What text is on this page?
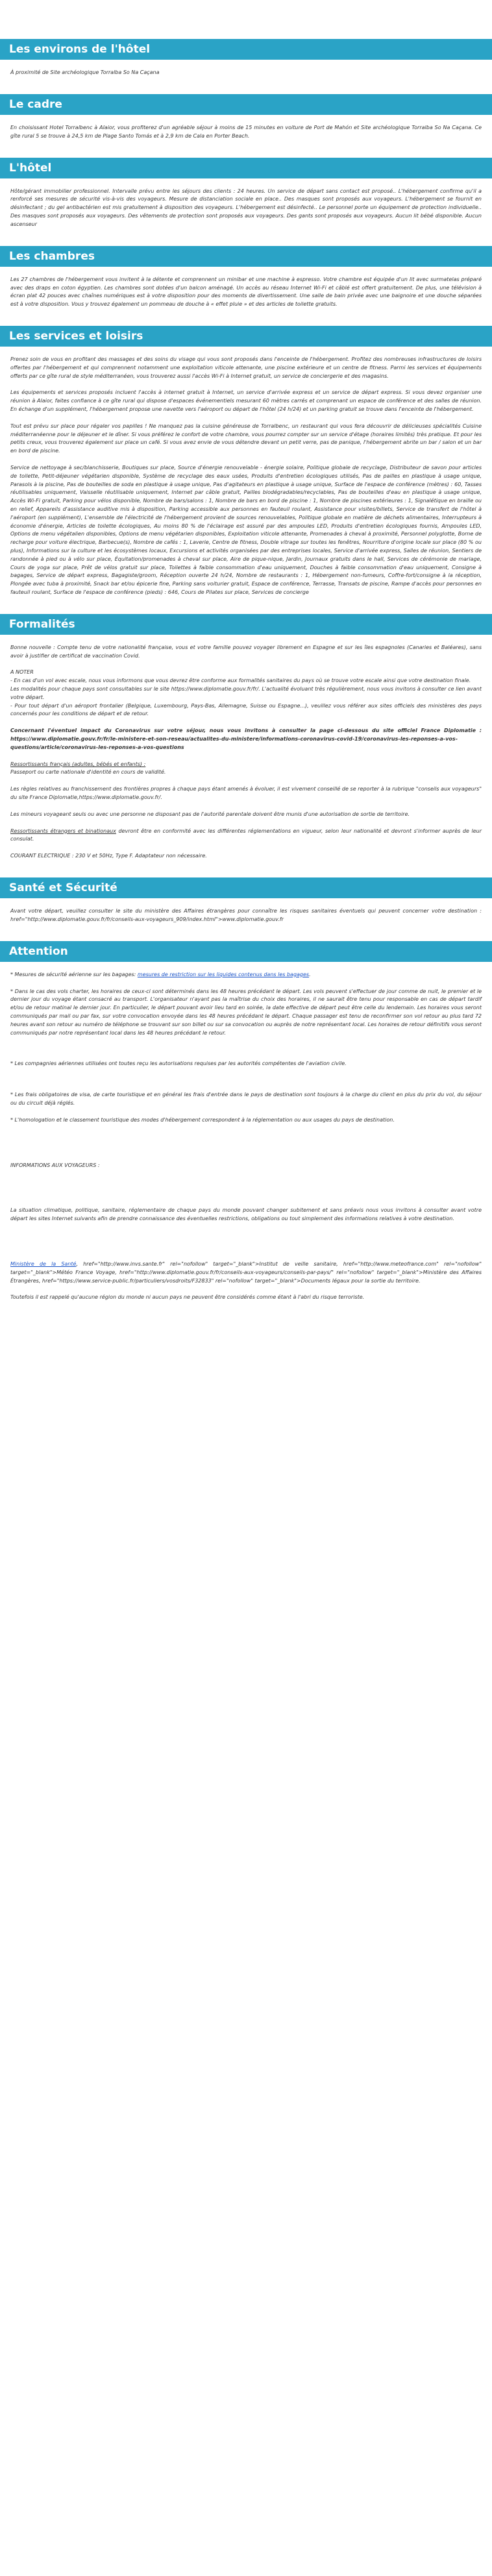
Les environs de l'hôtel

À proximité de Site archéologique Torralba So Na Caçana

Le cadre

En choisissant Hotel Torralbenc à Alaior, vous profiterez d'un agréable séjour à moins de 15 minutes en voiture de Port de Mahón et Site archéologique Torralba So Na Caçana. Ce gîte rural 5 se trouve à 24,5 km de Plage Santo Tomás et à 2,9 km de Cala en Porter Beach.

L'hôtel

Hôte/gérant immobilier professionnel. Intervalle prévu entre les séjours des clients : 24 heures. Un service de départ sans contact est proposé.. L'hébergement confirme qu'il a renforcé ses mesures de sécurité vis-à-vis des voyageurs. Mesure de distanciation sociale en place.. Des masques sont proposés aux voyageurs. L'hébergement se fournit en désinfectant ; du gel antibactérien est mis gratuitement à disposition des voyageurs. L'hébergement est désinfecté.. Le personnel porte un équipement de protection individuelle.. Des masques sont proposés aux voyageurs. Des vêtements de protection sont proposés aux voyageurs. Des gants sont proposés aux voyageurs. Aucun lit bébé disponible. Aucun ascenseur

Les chambres

Les 27 chambres de l'hébergement vous invitent à la détente et comprennent un minibar et une machine à espresso. Votre chambre est équipée d'un lit avec surmatelas préparé avec des draps en coton égyptien. Les chambres sont dotées d'un balcon aménagé. Un accès au réseau Internet Wi-Fi et câblé est offert gratuitement. De plus, une télévision à écran plat 42 pouces avec chaînes numériques est à votre disposition pour des moments de divertissement. Une salle de bain privée avec une baignoire et une douche séparées est à votre disposition. Vous y trouvez également un pommeau de douche à « effet pluie » et des articles de toilette gratuits.

Les services et loisirs

Prenez soin de vous en profitant des massages et des soins du visage qui vous sont proposés dans l'enceinte de l'hébergement. Profitez des nombreuses infrastructures de loisirs offertes par l'hébergement et qui comprennent notamment une exploitation viticole attenante, une piscine extérieure et un centre de fitness. Parmi les services et équipements offerts par ce gîte rural de style méditerranéen, vous trouverez aussi l'accès Wi-Fi à Internet gratuit, un service de conciergerie et des magasins.

Les équipements et services proposés incluent l'accès à internet gratuit à Internet, un service d'arrivée express et un service de départ express. Si vous devez organiser une réunion à Alaior, faites confiance à ce gîte rural qui dispose d'espaces événementiels mesurant 60 mètres carrés et comprenant un espace de conférence et des salles de réunion. En échange d'un supplément, l'hébergement propose une navette vers l'aéroport ou départ de l'hôtel (24 h/24) et un parking gratuit se trouve dans l'enceinte de l'hébergement.

Tout est prévu sur place pour régaler vos papilles ! Ne manquez pas la cuisine généreuse de Torralbenc, un restaurant qui vous fera découvrir de délicieuses spécialités Cuisine méditerranéenne pour le déjeuner et le dîner. Si vous préférez le confort de votre chambre, vous pourrez compter sur un service d'étage (horaires limités) très pratique. Et pour les petits creux, vous trouverez également sur place un café. Si vous avez envie de vous détendre devant un petit verre, pas de panique, l'hébergement abrite un bar / salon et un bar en bord de piscine.

Service de nettoyage à sec/blanchisserie, Boutiques sur place, Source d'énergie renouvelable - énergie solaire, Politique globale de recyclage, Distributeur de savon pour articles de toilette, Petit-déjeuner végétarien disponible, Système de recyclage des eaux usées, Produits d'entretien écologiques utilisés, Pas de pailles en plastique à usage unique, Parasols à la piscine, Pas de bouteilles de soda en plastique à usage unique, Pas d'agitateurs en plastique à usage unique, Surface de l'espace de conférence (mètres) : 60, Tasses réutilisables uniquement, Vaisselle réutilisable uniquement, Internet par câble gratuit, Pailles biodégradables/recyclables, Pas de bouteilles d'eau en plastique à usage unique, Accès Wi-Fi gratuit, Parking pour vélos disponible, Nombre de bars/salons : 1, Nombre de bars en bord de piscine : 1, Nombre de piscines extérieures : 1, Signalétique en braille ou en relief, Appareils d'assistance auditive mis à disposition, Parking accessible aux personnes en fauteuil roulant, Assistance pour visites/billets, Service de transfert de l'hôtel à l'aéroport (en supplément), L'ensemble de l'électricité de l'hébergement provient de sources renouvelables, Politique globale en matière de déchets alimentaires, Interrupteurs à économie d'énergie, Articles de toilette écologiques, Au moins 80 % de l'éclairage est assuré par des ampoules LED, Produits d'entretien écologiques fournis, Ampoules LED, Options de menu végétalien disponibles, Options de menu végétarien disponibles, Exploitation viticole attenante, Promenades à cheval à proximité, Personnel polyglotte, Borne de recharge pour voiture électrique, Barbecue(s), Nombre de cafés : 1, Laverie, Centre de fitness, Double vitrage sur toutes les fenêtres, Nourriture d'origine locale sur place (80 % ou plus), Informations sur la culture et les écosystèmes locaux, Excursions et activités organisées par des entreprises locales, Service d'arrivée express, Salles de réunion, Sentiers de randonnée à pied ou à vélo sur place, Équitation/promenades à cheval sur place, Aire de pique-nique, Jardin, Journaux gratuits dans le hall, Services de cérémonie de mariage, Cours de yoga sur place, Prêt de vélos gratuit sur place, Toilettes à faible consommation d'eau uniquement, Douches à faible consommation d'eau uniquement, Consigne à bagages, Service de départ express, Bagagiste/groom, Réception ouverte 24 h/24, Nombre de restaurants : 1, Hébergement non-fumeurs, Coffre-fort/consigne à la réception, Plongée avec tuba à proximité, Snack bar et/ou épicerie fine, Parking sans voiturier gratuit, Espace de conférence, Terrasse, Transats de piscine, Rampe d'accès pour personnes en fauteuil roulant, Surface de l'espace de conférence (pieds) : 646, Cours de Pilates sur place, Services de concierge

Formalités

Bonne nouvelle : Compte tenu de votre nationalité française, vous et votre famille pouvez voyager librement en Espagne et sur les îles espagnoles (Canaries et Baléares), sans avoir à justifier de certificat de vaccination Covid.

A NOTER
- En cas d'un vol avec escale, nous vous informons que vous devrez être conforme aux formalités sanitaires du pays où se trouve votre escale ainsi que votre destination finale.
Les modalités pour chaque pays sont consultables sur le site https://www.diplomatie.gouv.fr/fr/. L'actualité évoluant très régulièrement, nous vous invitons à consulter ce lien avant votre départ.
- Pour tout départ d'un aéroport frontalier (Belgique, Luxembourg, Pays-Bas, Allemagne, Suisse ou Espagne...), veuillez vous référer aux sites officiels des ministères des pays concernés pour les conditions de départ et de retour.

Concernant l'éventuel impact du Coronavirus sur votre séjour, nous vous invitons à consulter la page ci-dessous du site officiel France Diplomatie : https://www.diplomatie.gouv.fr/fr/le-ministere-et-son-reseau/actualites-du-ministere/informations-coronavirus-covid-19/coronavirus-les-reponses-a-vos-questions/article/coronavirus-les-reponses-a-vos-questions

Ressortissants français (adultes, bébés et enfants) :
Passeport ou carte nationale d'identité en cours de validité.

Les règles relatives au franchissement des frontières propres à chaque pays étant amenés à évoluer, il est vivement conseillé de se reporter à la rubrique "conseils aux voyageurs" du site France Diplomatie,https://www.diplomatie.gouv.fr/.

Les mineurs voyageant seuls ou avec une personne ne disposant pas de l'autorité parentale doivent être munis d'une autorisation de sortie de territoire.

Ressortissants étrangers et binationaux devront être en conformité avec les différentes réglementations en vigueur, selon leur nationalité et devront s'informer auprès de leur consulat.

COURANT ELECTRIQUE : 230 V et 50Hz, Type F. Adaptateur non nécessaire.

Santé et Sécurité

Avant votre départ, veuillez consulter le site du ministère des Affaires étrangères pour connaître les risques sanitaires éventuels qui peuvent concerner votre destination : href="http://www.diplomatie.gouv.fr/fr/conseils-aux-voyageurs_909/index.html">www.diplomatie.gouv.fr

Attention

* Mesures de sécurité aérienne sur les bagages: mesures de restriction sur les liquides contenus dans les bagages.

* Dans le cas des vols charter, les horaires de ceux-ci sont déterminés dans les 48 heures précédant le départ. Les vols peuvent s'effectuer de jour comme de nuit, le premier et le dernier jour du voyage étant consacré au transport. L'organisateur n'ayant pas la maîtrise du choix des horaires, il ne saurait être tenu pour responsable en cas de départ tardif et/ou de retour matinal le dernier jour. En particulier, le départ pouvant avoir lieu tard en soirée, la date effective de départ peut être celle du lendemain. Les horaires vous seront communiqués par mail ou par fax, sur votre convocation envoyée dans les 48 heures précédant le départ. Chaque passager est tenu de reconfirmer son vol retour au plus tard 72 heures avant son retour au numéro de téléphone se trouvant sur son billet ou sur sa convocation ou auprès de notre représentant local. Les horaires de retour définitifs vous seront communiqués par notre représentant local dans les 48 heures précédant le retour.

* Les compagnies aériennes utilisées ont toutes reçu les autorisations requises par les autorités compétentes de l'aviation civile.

* Les frais obligatoires de visa, de carte touristique et en général les frais d'entrée dans le pays de destination sont toujours à la charge du client en plus du prix du vol, du séjour ou du circuit déjà réglés.

* L'homologation et le classement touristique des modes d'hébergement correspondent à la réglementation ou aux usages du pays de destination.

INFORMATIONS AUX VOYAGEURS :

La situation climatique, politique, sanitaire, réglementaire de chaque pays du monde pouvant changer subitement et sans préavis nous vous invitons à consulter avant votre départ les sites Internet suivants afin de prendre connaissance des éventuelles restrictions, obligations ou tout simplement des informations relatives à votre destination.

Ministère de la Santé, href="http://www.invs.sante.fr" rel="nofollow" target="_blank">Institut de veille sanitaire, href="http://www.meteofrance.com" rel="nofollow" target="_blank">Météo France Voyage, href="http://www.diplomatie.gouv.fr/fr/conseils-aux-voyageurs/conseils-par-pays/" rel="nofollow" target="_blank">Ministère des Affaires Étrangères, href="https://www.service-public.fr/particuliers/vosdroits/F32833" rel="nofollow" target="_blank">Documents légaux pour la sortie du territoire.

Toutefois il est rappelé qu'aucune région du monde ni aucun pays ne peuvent être considérés comme étant à l'abri du risque terroriste.
